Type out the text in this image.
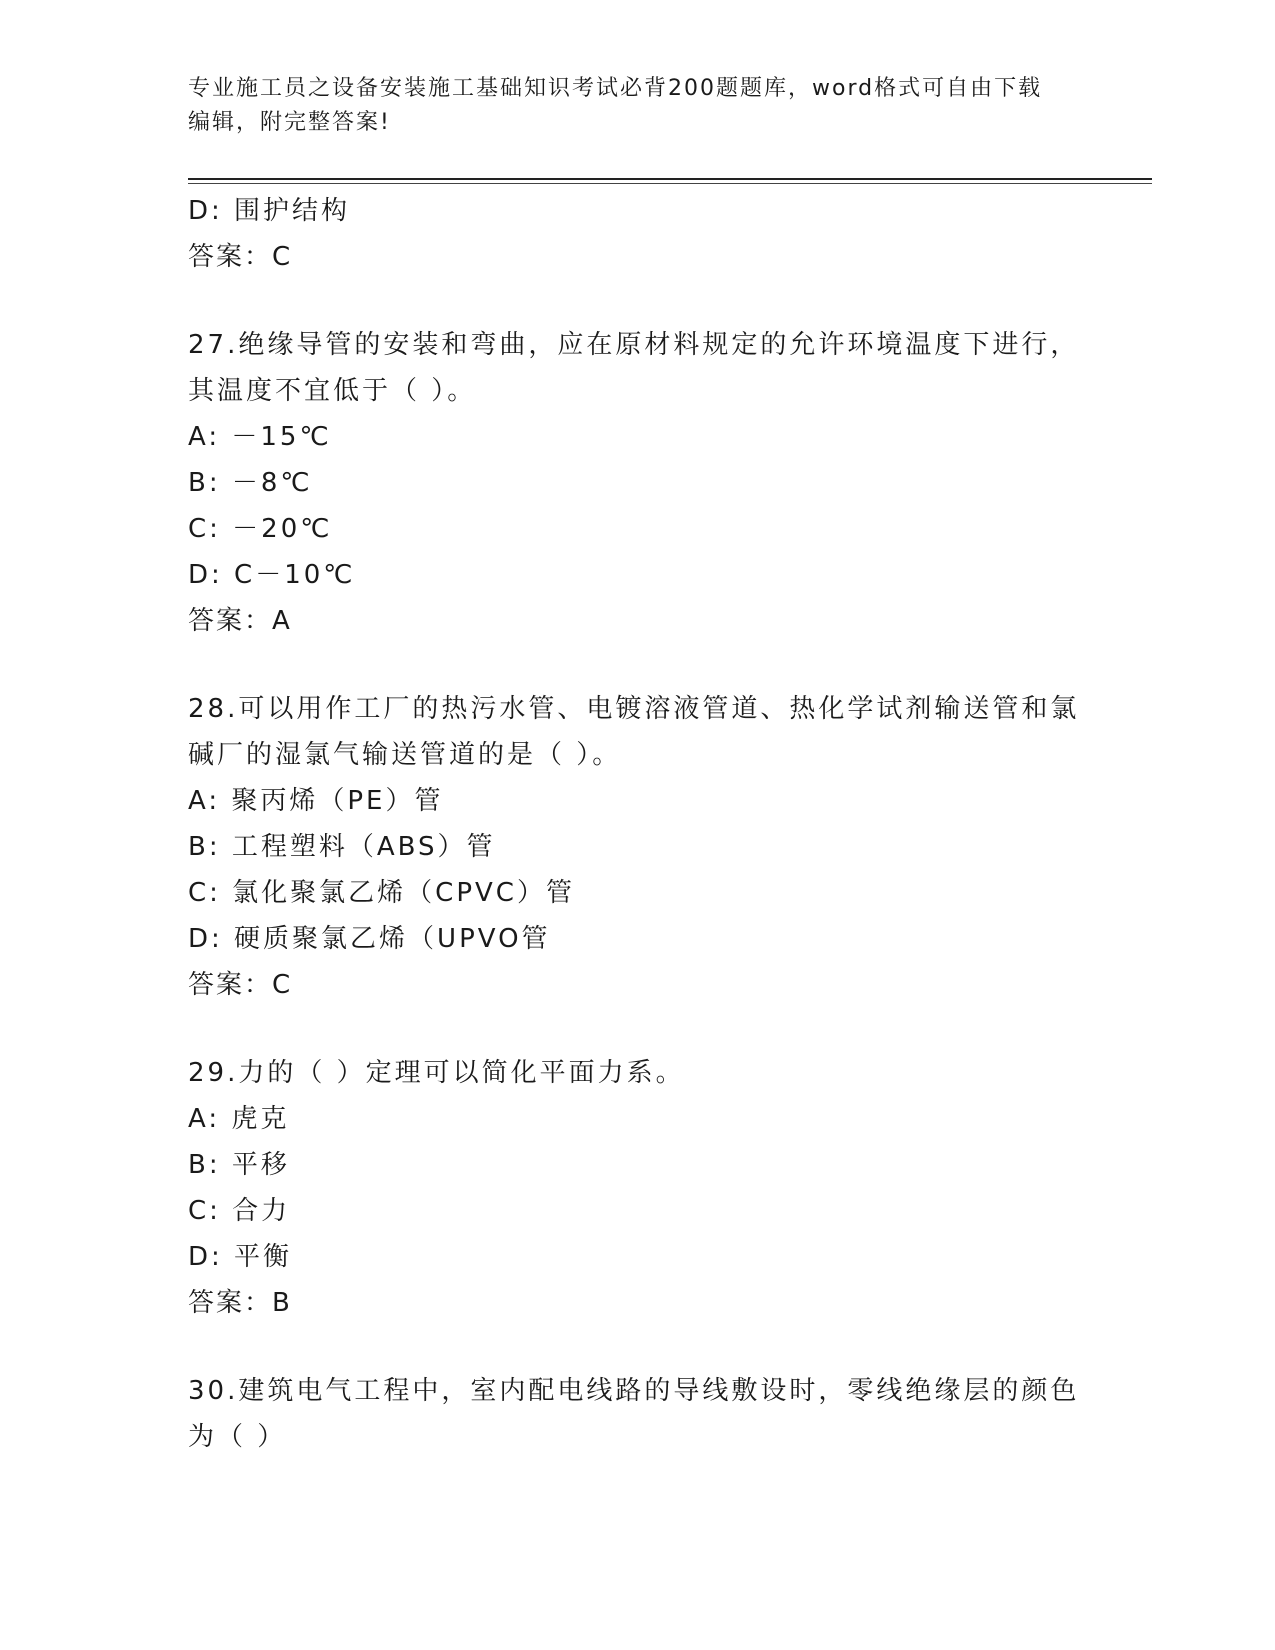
专业施工员之设备安装施工基础知识考试必背200题题库，word格式可自由下载
编辑，附完整答案!
D: 围护结构
答案：C
27.绝缘导管的安装和弯曲，应在原材料规定的允许环境温度下进行，
其温度不宜低于（ ）。
A: －15℃
B: －8℃
C: －20℃
D: C－10℃
答案：A
28.可以用作工厂的热污水管、电镀溶液管道、热化学试剂输送管和氯
碱厂的湿氯气输送管道的是（ ）。
A: 聚丙烯（PE）管
B: 工程塑料（ABS）管
C: 氯化聚氯乙烯（CPVC）管
D: 硬质聚氯乙烯（UPVO管
答案：C
29.力的（ ）定理可以简化平面力系。
A: 虎克
B: 平移
C: 合力
D: 平衡
答案：B
30.建筑电气工程中，室内配电线路的导线敷设时，零线绝缘层的颜色
为（ ）
